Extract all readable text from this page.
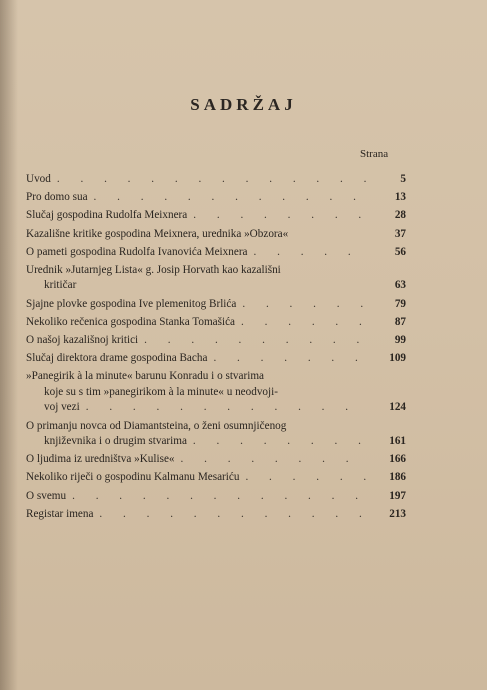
SADRŽAJ
Strana
Uvod . . .	5
Pro domo sua . . .	13
Slučaj gospodina Rudolfa Meixnera . . .	28
Kazališne kritike gospodina Meixnera, urednika »Obzora«	37
O pameti gospodina Rudolfa Ivanovića Meixnera . . .	56
Urednik »Jutarnjeg Lista« g. Josip Horvath kao kazališni
kritičar	63
Sjajne plovke gospodina Ive plemenitog Brlića . . .	79
Nekoliko rečenica gospodina Stanka Tomašića . . .	87
O našoj kazališnoj kritici . . .	99
Slučaj direktora drame gospodina Bacha . . .	109
»Panegirik à la minute« barunu Konradu i o stvarima
koje su s tim »panegirikom à la minute« u neodvoji-
voj vezi . . .	124
O primanju novca od Diamantsteina, o ženi osumnjičenog
književnika i o drugim stvarima . . .	161
O ljudima iz uredništva »Kulise« . . .	166
Nekoliko riječi o gospodinu Kalmanu Mesariću . . .	186
O svemu . . .	197
Registar imena . . .	213
